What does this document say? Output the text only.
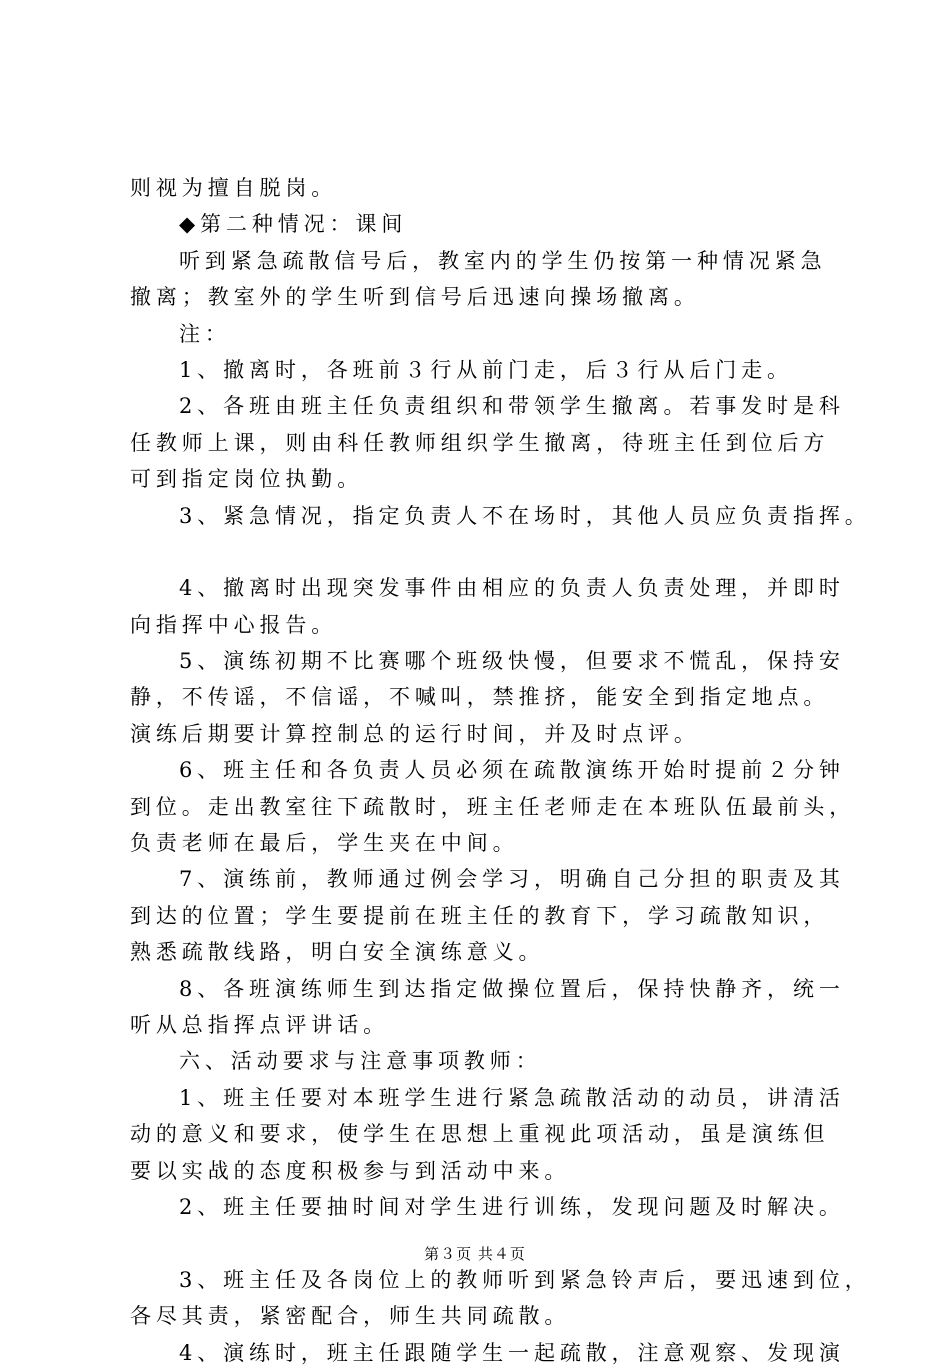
则视为擅自脱岗。
◆第二种情况：课间
听到紧急疏散信号后，教室内的学生仍按第一种情况紧急
撤离；教室外的学生听到信号后迅速向操场撤离。
注：
1、撤离时，各班前３行从前门走，后３行从后门走。
2、各班由班主任负责组织和带领学生撤离。若事发时是科
任教师上课，则由科任教师组织学生撤离，待班主任到位后方
可到指定岗位执勤。
3、紧急情况，指定负责人不在场时，其他人员应负责指挥。
4、撤离时出现突发事件由相应的负责人负责处理，并即时
向指挥中心报告。
5、演练初期不比赛哪个班级快慢，但要求不慌乱，保持安
静，不传谣，不信谣，不喊叫，禁推挤，能安全到指定地点。
演练后期要计算控制总的运行时间，并及时点评。
6、班主任和各负责人员必须在疏散演练开始时提前２分钟
到位。走出教室往下疏散时，班主任老师走在本班队伍最前头，
负责老师在最后，学生夹在中间。
7、演练前，教师通过例会学习，明确自己分担的职责及其
到达的位置；学生要提前在班主任的教育下，学习疏散知识，
熟悉疏散线路，明白安全演练意义。
8、各班演练师生到达指定做操位置后，保持快静齐，统一
听从总指挥点评讲话。
六、活动要求与注意事项教师：
1、班主任要对本班学生进行紧急疏散活动的动员，讲清活
动的意义和要求，使学生在思想上重视此项活动，虽是演练但
要以实战的态度积极参与到活动中来。
2、班主任要抽时间对学生进行训练，发现问题及时解决。
3、班主任及各岗位上的教师听到紧急铃声后，要迅速到位，
各尽其责，紧密配合，师生共同疏散。
4、演练时，班主任跟随学生一起疏散，注意观察、发现演
第３页 共４页
